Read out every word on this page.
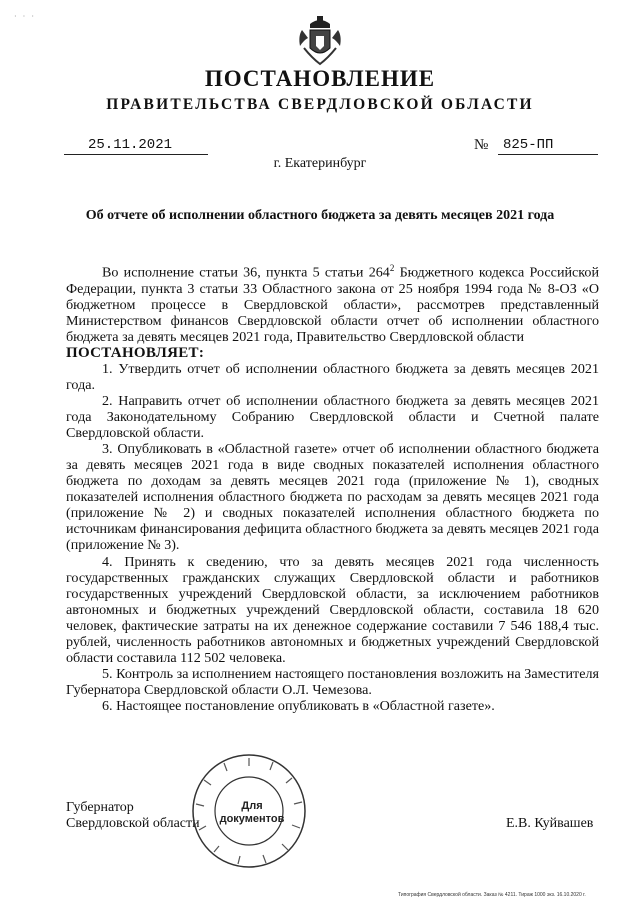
· · ·
ПОСТАНОВЛЕНИЕ
ПРАВИТЕЛЬСТВА СВЕРДЛОВСКОЙ ОБЛАСТИ
25.11.2021	№ 825-ПП
г. Екатеринбург
Об отчете об исполнении областного бюджета за девять месяцев 2021 года

Во исполнение статьи 36, пункта 5 статьи $264^2$ Бюджетного кодекса Российской Федерации, пункта 3 статьи 33 Областного закона от 25 ноября 1994 года № 8-ОЗ «О бюджетном процессе в Свердловской области», рассмотрев представленный Министерством финансов Свердловской области отчет об исполнении областного бюджета за девять месяцев 2021 года, Правительство Свердловской области

ПОСТАНОВЛЯЕТ:

1. Утвердить отчет об исполнении областного бюджета за девять месяцев 2021 года.

2. Направить отчет об исполнении областного бюджета за девять месяцев 2021 года Законодательному Собранию Свердловской области и Счетной палате Свердловской области.

3. Опубликовать в «Областной газете» отчет об исполнении областного бюджета за девять месяцев 2021 года в виде сводных показателей исполнения областного бюджета по доходам за девять месяцев 2021 года (приложение № 1), сводных показателей исполнения областного бюджета по расходам за девять месяцев 2021 года (приложение № 2) и сводных показателей исполнения областного бюджета по источникам финансирования дефицита областного бюджета за девять месяцев 2021 года (приложение № 3).

4. Принять к сведению, что за девять месяцев 2021 года численность государственных гражданских служащих Свердловской области и работников государственных учреждений Свердловской области, за исключением работников автономных и бюджетных учреждений Свердловской области, составила 18 620 человек, фактические затраты на их денежное содержание составили 7 546 188,4 тыс. рублей, численность работников автономных и бюджетных учреждений Свердловской области составила 112 502 человека.

5. Контроль за исполнением настоящего постановления возложить на Заместителя Губернатора Свердловской области О.Л. Чемезова.

6. Настоящее постановление опубликовать в «Областной газете».

Губернатор
Свердловской области
Для
документов	Е.В. Куйвашев
Типография Свердловской области. Заказ № 4211. Тираж 1000 экз. 16.10.2020 г.
